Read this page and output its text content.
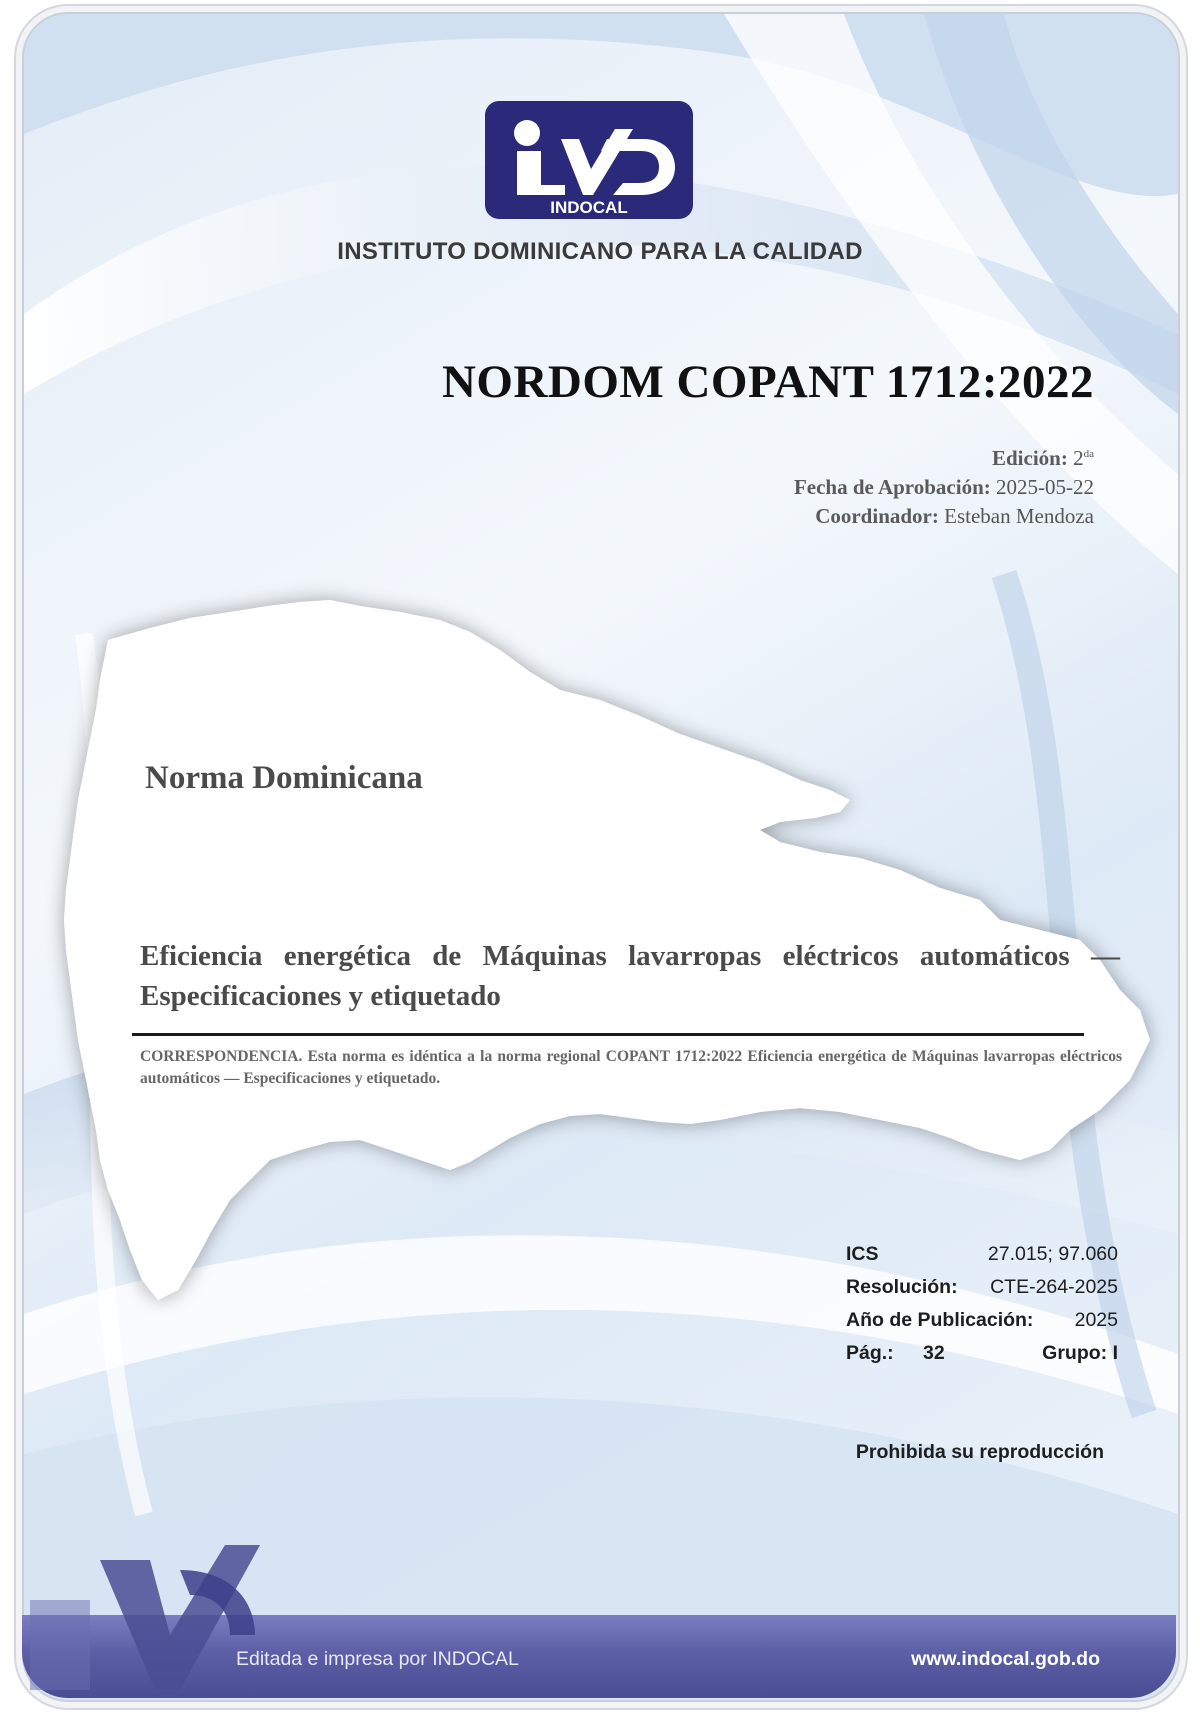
INDOCAL
INSTITUTO DOMINICANO PARA LA CALIDAD
NORDOM COPANT 1712:2022
Edición: $2^{da}$
Fecha de Aprobación: 2025-05-22
Coordinador: Esteban Mendoza
Norma Dominicana
Eficiencia energética de Máquinas lavarropas eléctricos automáticos — Especificaciones y etiquetado
CORRESPONDENCIA. Esta norma es idéntica a la norma regional COPANT 1712:2022 Eficiencia energética de Máquinas lavarropas eléctricos automáticos — Especificaciones y etiquetado.
ICS	27.015; 97.060
Resolución: CTE-264-2025
Año de Publicación: 2025
Pág.: 32	Grupo: I
Prohibida su reproducción
Editada e impresa por INDOCAL	www.indocal.gob.do
